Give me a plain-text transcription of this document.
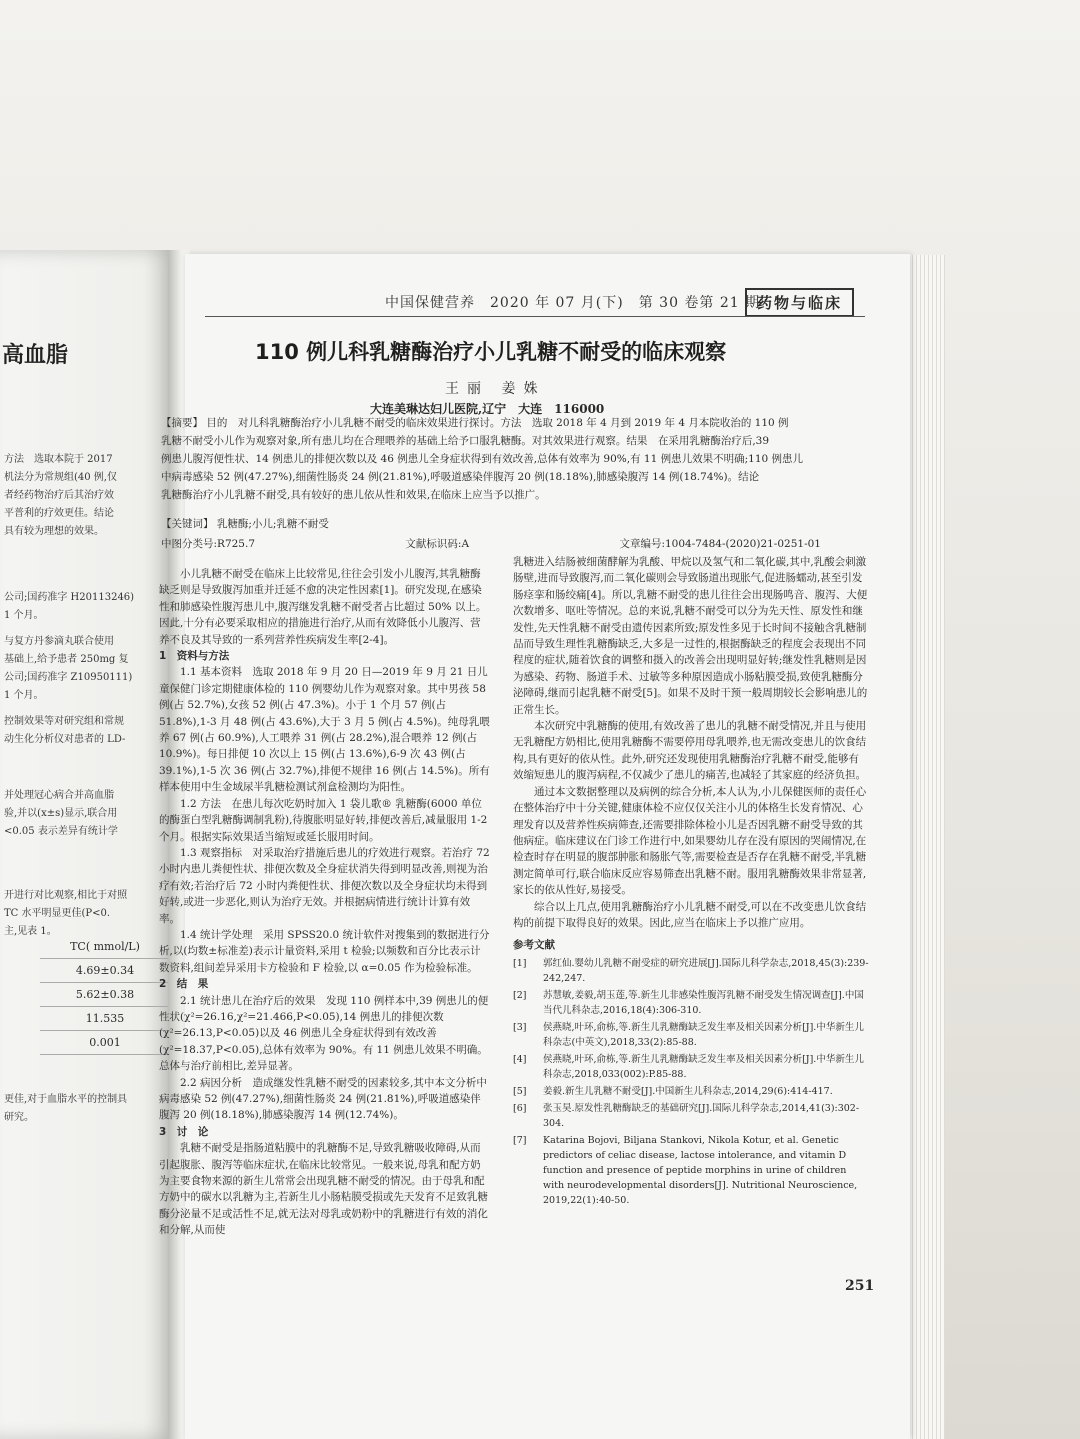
高血脂
方法　选取本院于 2017
机法分为常规组(40 例,仅
者经药物治疗后其治疗效
平普利的疗效更佳。结论
具有较为理想的效果。
公司;国药准字 H20113246)
1 个月。
与复方丹参滴丸联合使用
基础上,给予患者 250mg 复
公司;国药准字 Z10950111)
1 个月。
控制效果等对研究组和常规
动生化分析仪对患者的 LD-
并处理冠心病合并高血脂
验,并以(x±s)显示,联合用
<0.05 表示差异有统计学
开进行对比观察,相比于对照
TC 水平明显更佳(P<0.
主,见表 1。
更佳,对于血脂水平的控制具
研究。
TC( mmol/L)
4.69±0.34
5.62±0.38
11.535
0.001
中国保健营养　2020 年 07 月(下)　第 30 卷第 21 期
药物与临床
110 例儿科乳糖酶治疗小儿乳糖不耐受的临床观察
王丽 姜姝
大连美琳达妇儿医院,辽宁　大连　116000

【摘要】 目的　对儿科乳糖酶治疗小儿乳糖不耐受的临床效果进行探讨。方法　选取 2018 年 4 月到 2019 年 4 月本院收治的 110 例

乳糖不耐受小儿作为观察对象,所有患儿均在合理喂养的基础上给予口服乳糖酶。对其效果进行观察。结果　在采用乳糖酶治疗后,39

例患儿腹泻便性状、14 例患儿的排便次数以及 46 例患儿全身症状得到有效改善,总体有效率为 90%,有 11 例患儿效果不明确;110 例患儿

中病毒感染 52 例(47.27%),细菌性肠炎 24 例(21.81%),呼吸道感染伴腹泻 20 例(18.18%),肺感染腹泻 14 例(18.74%)。结论

乳糖酶治疗小儿乳糖不耐受,具有较好的患儿依从性和效果,在临床上应当予以推广。

【关键词】 乳糖酶;小儿;乳糖不耐受
中图分类号:R725.7	文献标识码:A	文章编号:1004-7484-(2020)21-0251-01

小儿乳糖不耐受在临床上比较常见,往往会引发小儿腹泻,其乳糖酶缺乏则是导致腹泻加重并迁延不愈的决定性因素[1]。研究发现,在感染性和肺感染性腹泻患儿中,腹泻继发乳糖不耐受者占比超过 50% 以上。因此,十分有必要采取相应的措施进行治疗,从而有效降低小儿腹泻、营养不良及其导致的一系列营养性疾病发生率[2-4]。

1　资料与方法

1.1 基本资料　选取 2018 年 9 月 20 日—2019 年 9 月 21 日儿童保健门诊定期健康体检的 110 例婴幼儿作为观察对象。其中男孩 58 例(占 52.7%),女孩 52 例(占 47.3%)。小于 1 个月 57 例(占 51.8%),1-3 月 48 例(占 43.6%),大于 3 月 5 例(占 4.5%)。纯母乳喂养 67 例(占 60.9%),人工喂养 31 例(占 28.2%),混合喂养 12 例(占 10.9%)。每日排便 10 次以上 15 例(占 13.6%),6-9 次 43 例(占 39.1%),1-5 次 36 例(占 32.7%),排便不规律 16 例(占 14.5%)。所有样本使用中生金域尿半乳糖检测试剂盒检测均为阳性。

1.2 方法　在患儿每次吃奶时加入 1 袋儿歌® 乳糖酶(6000 单位的酶蛋白型乳糖酶调制乳粉),待腹胀明显好转,排便改善后,减量服用 1-2 个月。根据实际效果适当缩短或延长服用时间。

1.3 观察指标　对采取治疗措施后患儿的疗效进行观察。若治疗 72 小时内患儿粪便性状、排便次数及全身症状消失得到明显改善,则视为治疗有效;若治疗后 72 小时内粪便性状、排便次数以及全身症状均未得到好转,或进一步恶化,则认为治疗无效。并根据病情进行统计计算有效率。

1.4 统计学处理　采用 SPSS20.0 统计软件对搜集到的数据进行分析,以(均数±标准差)表示计量资料,采用 t 检验;以频数和百分比表示计数资料,组间差异采用卡方检验和 F 检验,以 α=0.05 作为检验标准。

2　结　果

2.1 统计患儿在治疗后的效果　发现 110 例样本中,39 例患儿的便性状(χ²=26.16,χ²=21.466,P<0.05),14 例患儿的排便次数(χ²=26.13,P<0.05)以及 46 例患儿全身症状得到有效改善(χ²=18.37,P<0.05),总体有效率为 90%。有 11 例患儿效果不明确。总体与治疗前相比,差异显著。

2.2 病因分析　造成继发性乳糖不耐受的因素较多,其中本文分析中病毒感染 52 例(47.27%),细菌性肠炎 24 例(21.81%),呼吸道感染伴腹泻 20 例(18.18%),肺感染腹泻 14 例(12.74%)。

3　讨　论

乳糖不耐受是指肠道粘膜中的乳糖酶不足,导致乳糖吸收障碍,从而引起腹胀、腹泻等临床症状,在临床比较常见。一般来说,母乳和配方奶为主要食物来源的新生儿常常会出现乳糖不耐受的情况。由于母乳和配方奶中的碳水以乳糖为主,若新生儿小肠粘膜受损或先天发育不足致乳糖酶分泌量不足或活性不足,就无法对母乳或奶粉中的乳糖进行有效的消化和分解,从而使

乳糖进入结肠被细菌酵解为乳酸、甲烷以及氢气和二氧化碳,其中,乳酸会刺激肠壁,进而导致腹泻,而二氧化碳则会导致肠道出现胀气,促进肠蠕动,甚至引发肠痉挛和肠绞痛[4]。所以,乳糖不耐受的患儿往往会出现肠鸣音、腹泻、大便次数增多、呕吐等情况。总的来说,乳糖不耐受可以分为先天性、原发性和继发性,先天性乳糖不耐受由遗传因素所致;原发性多见于长时间不接触含乳糖制品而导致生理性乳糖酶缺乏,大多是一过性的,根据酶缺乏的程度会表现出不同程度的症状,随着饮食的调整和摄入的改善会出现明显好转;继发性乳糖则是因为感染、药物、肠道手术、过敏等多种原因造成小肠粘膜受损,致使乳糖酶分泌障碍,继而引起乳糖不耐受[5]。如果不及时干预一般周期较长会影响患儿的正常生长。

本次研究中乳糖酶的使用,有效改善了患儿的乳糖不耐受情况,并且与使用无乳糖配方奶相比,使用乳糖酶不需要停用母乳喂养,也无需改变患儿的饮食结构,具有更好的依从性。此外,研究还发现使用乳糖酶治疗乳糖不耐受,能够有效缩短患儿的腹泻病程,不仅减少了患儿的痛苦,也减轻了其家庭的经济负担。

通过本文数据整理以及病例的综合分析,本人认为,小儿保健医师的责任心在整体治疗中十分关键,健康体检不应仅仅关注小儿的体格生长发育情况、心理发育以及营养性疾病筛查,还需要排除体检小儿是否因乳糖不耐受导致的其他病症。临床建议在门诊工作进行中,如果婴幼儿存在没有原因的哭闹情况,在检查时存在明显的腹部肿胀和肠胀气等,需要检查是否存在乳糖不耐受,半乳糖测定简单可行,联合临床反应容易筛查出乳糖不耐。服用乳糖酶效果非常显著,家长的依从性好,易接受。

综合以上几点,使用乳糖酶治疗小儿乳糖不耐受,可以在不改变患儿饮食结构的前提下取得良好的效果。因此,应当在临床上予以推广应用。

参考文献

[1]	郭红仙.婴幼儿乳糖不耐受症的研究进展[J].国际儿科学杂志,2018,45(3):239-242,247.
[2]	苏慧敏,姜毅,胡玉莲,等.新生儿非感染性腹泻乳糖不耐受发生情况调查[J].中国当代儿科杂志,2016,18(4):306-310.
[3]	侯燕晓,叶环,俞栋,等.新生儿乳糖酶缺乏发生率及相关因素分析[J].中华新生儿科杂志(中英文),2018,33(2):85-88.
[4]	侯燕晓,叶环,俞栋,等.新生儿乳糖酶缺乏发生率及相关因素分析[J].中华新生儿科杂志,2018,033(002):P.85-88.
[5]	姜毅.新生儿乳糖不耐受[J].中国新生儿科杂志,2014,29(6):414-417.
[6]	张玉昊.原发性乳糖酶缺乏的基础研究[J].国际儿科学杂志,2014,41(3):302-304.
[7]	Katarina Bojovi, Biljana Stankovi, Nikola Kotur, et al. Genetic predictors of celiac disease, lactose intolerance, and vitamin D function and presence of peptide morphins in urine of children with neurodevelopmental disorders[J]. Nutritional Neuroscience, 2019,22(1):40-50.
251
